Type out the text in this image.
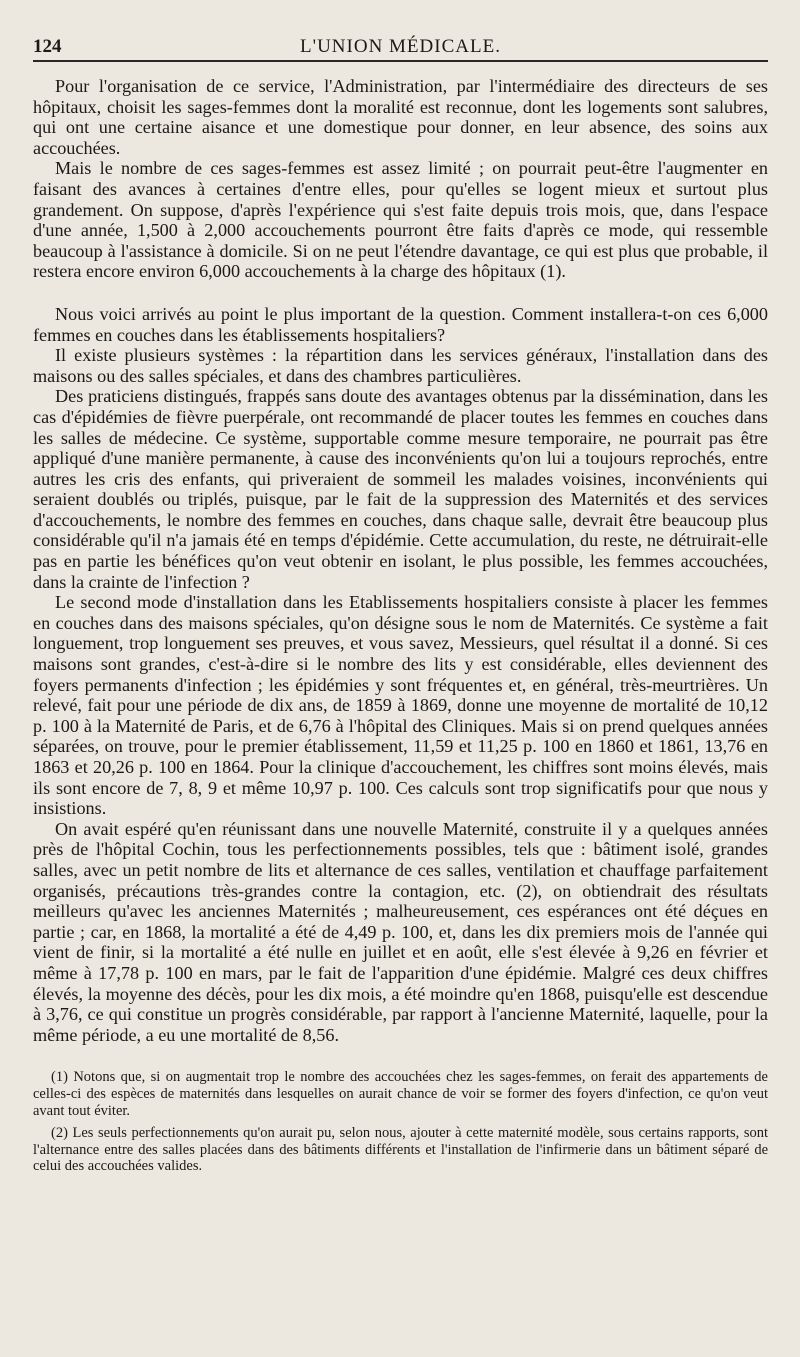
124	L'UNION MÉDICALE.

Pour l'organisation de ce service, l'Administration, par l'intermédiaire des directeurs de ses hôpitaux, choisit les sages-femmes dont la moralité est reconnue, dont les logements sont salubres, qui ont une certaine aisance et une domestique pour donner, en leur absence, des soins aux accouchées.

Mais le nombre de ces sages-femmes est assez limité ; on pourrait peut-être l'augmenter en faisant des avances à certaines d'entre elles, pour qu'elles se logent mieux et surtout plus grandement. On suppose, d'après l'expérience qui s'est faite depuis trois mois, que, dans l'espace d'une année, 1,500 à 2,000 accouchements pourront être faits d'après ce mode, qui ressemble beaucoup à l'assistance à domicile. Si on ne peut l'étendre davantage, ce qui est plus que probable, il restera encore environ 6,000 accouchements à la charge des hôpitaux (1).

Nous voici arrivés au point le plus important de la question. Comment installera-t-on ces 6,000 femmes en couches dans les établissements hospitaliers?

Il existe plusieurs systèmes : la répartition dans les services généraux, l'installation dans des maisons ou des salles spéciales, et dans des chambres particulières.

Des praticiens distingués, frappés sans doute des avantages obtenus par la dissémination, dans les cas d'épidémies de fièvre puerpérale, ont recommandé de placer toutes les femmes en couches dans les salles de médecine. Ce système, supportable comme mesure temporaire, ne pourrait pas être appliqué d'une manière permanente, à cause des inconvénients qu'on lui a toujours reprochés, entre autres les cris des enfants, qui priveraient de sommeil les malades voisines, inconvénients qui seraient doublés ou triplés, puisque, par le fait de la suppression des Maternités et des services d'accouchements, le nombre des femmes en couches, dans chaque salle, devrait être beaucoup plus considérable qu'il n'a jamais été en temps d'épidémie. Cette accumulation, du reste, ne détruirait-elle pas en partie les bénéfices qu'on veut obtenir en isolant, le plus possible, les femmes accouchées, dans la crainte de l'infection ?

Le second mode d'installation dans les Etablissements hospitaliers consiste à placer les femmes en couches dans des maisons spéciales, qu'on désigne sous le nom de Maternités. Ce système a fait longuement, trop longuement ses preuves, et vous savez, Messieurs, quel résultat il a donné. Si ces maisons sont grandes, c'est-à-dire si le nombre des lits y est considérable, elles deviennent des foyers permanents d'infection ; les épidémies y sont fréquentes et, en général, très-meurtrières. Un relevé, fait pour une période de dix ans, de 1859 à 1869, donne une moyenne de mortalité de 10,12 p. 100 à la Maternité de Paris, et de 6,76 à l'hôpital des Cliniques. Mais si on prend quelques années séparées, on trouve, pour le premier établissement, 11,59 et 11,25 p. 100 en 1860 et 1861, 13,76 en 1863 et 20,26 p. 100 en 1864. Pour la clinique d'accouchement, les chiffres sont moins élevés, mais ils sont encore de 7, 8, 9 et même 10,97 p. 100. Ces calculs sont trop significatifs pour que nous y insistions.

On avait espéré qu'en réunissant dans une nouvelle Maternité, construite il y a quelques années près de l'hôpital Cochin, tous les perfectionnements possibles, tels que : bâtiment isolé, grandes salles, avec un petit nombre de lits et alternance de ces salles, ventilation et chauffage parfaitement organisés, précautions très-grandes contre la contagion, etc. (2), on obtiendrait des résultats meilleurs qu'avec les anciennes Maternités ; malheureusement, ces espérances ont été déçues en partie ; car, en 1868, la mortalité a été de 4,49 p. 100, et, dans les dix premiers mois de l'année qui vient de finir, si la mortalité a été nulle en juillet et en août, elle s'est élevée à 9,26 en février et même à 17,78 p. 100 en mars, par le fait de l'apparition d'une épidémie. Malgré ces deux chiffres élevés, la moyenne des décès, pour les dix mois, a été moindre qu'en 1868, puisqu'elle est descendue à 3,76, ce qui constitue un progrès considérable, par rapport à l'ancienne Maternité, laquelle, pour la même période, a eu une mortalité de 8,56.

(1) Notons que, si on augmentait trop le nombre des accouchées chez les sages-femmes, on ferait des appartements de celles-ci des espèces de maternités dans lesquelles on aurait chance de voir se former des foyers d'infection, ce qu'on veut avant tout éviter.

(2) Les seuls perfectionnements qu'on aurait pu, selon nous, ajouter à cette maternité modèle, sous certains rapports, sont l'alternance entre des salles placées dans des bâtiments différents et l'installation de l'infirmerie dans un bâtiment séparé de celui des accouchées valides.
